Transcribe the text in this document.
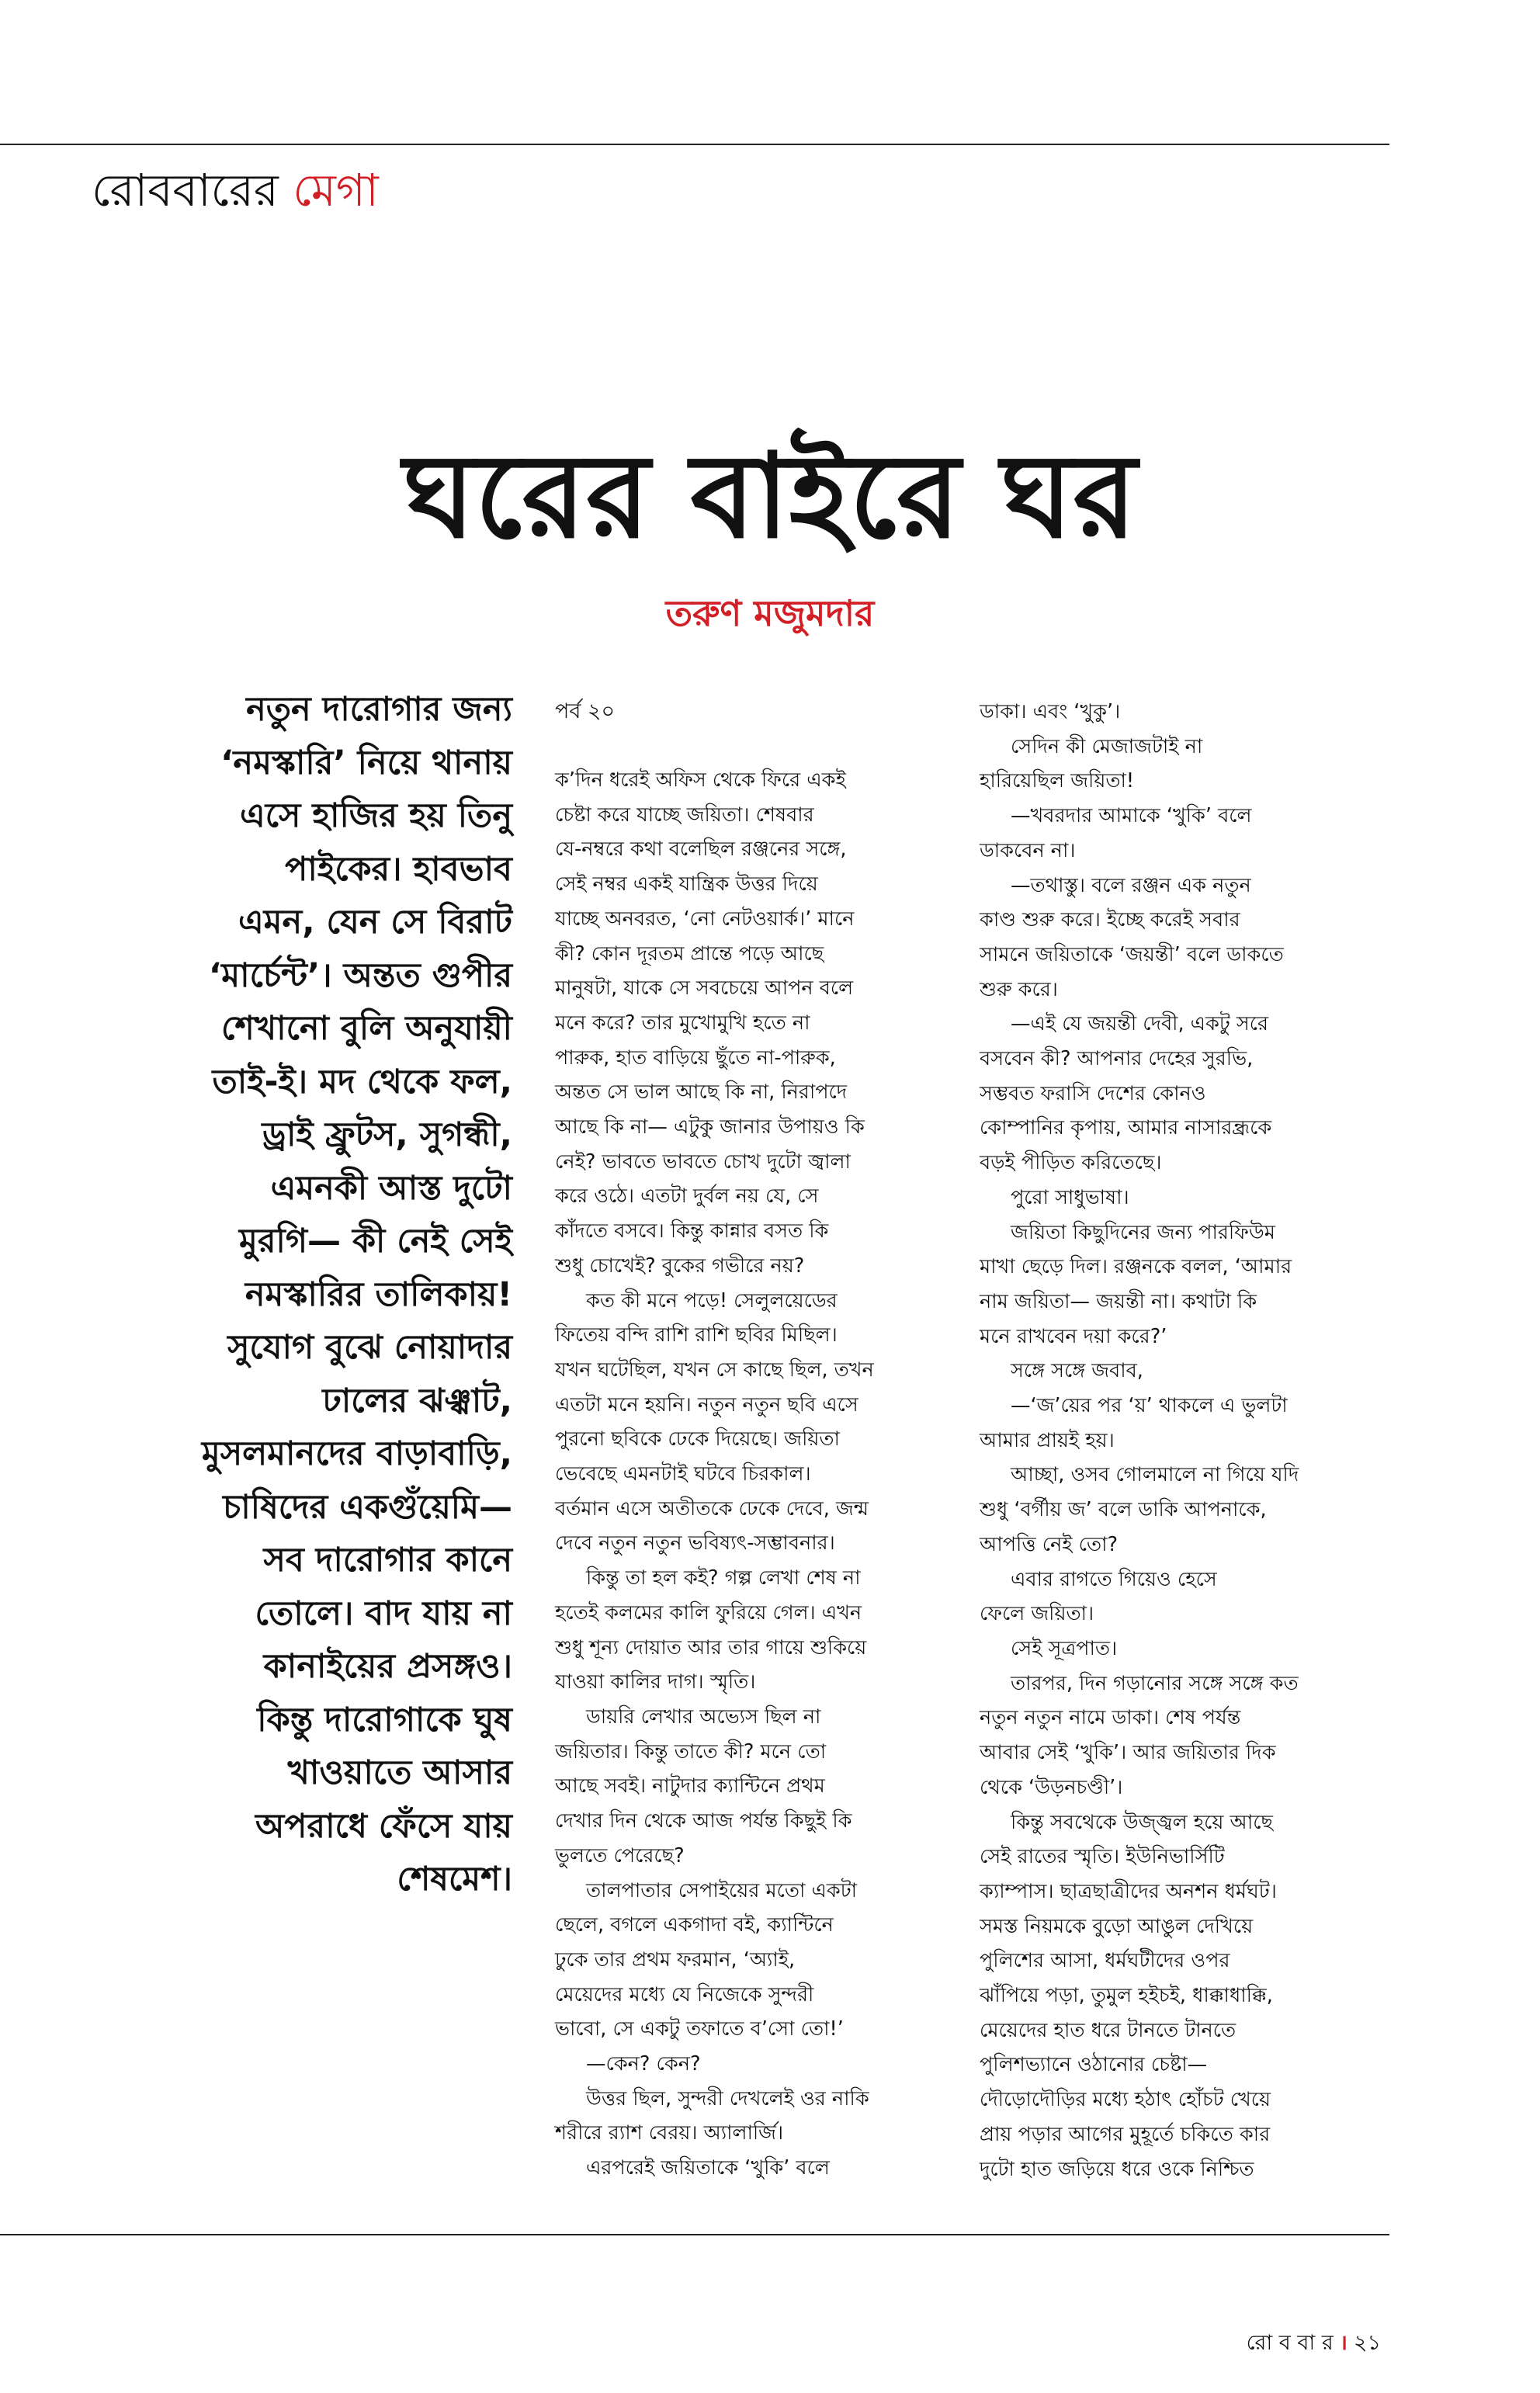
রোববারের মেগা
ঘরের বাইরে ঘর
তরুণ মজুমদার
নতুন দারোগার জন্য
‘নমস্কারি’ নিয়ে থানায়
এসে হাজির হয় তিনু
পাইকের। হাবভাব
এমন, যেন সে বিরাট
‘মার্চেন্ট’। অন্তত গুপীর
শেখানো বুলি অনুযায়ী
তাই-ই। মদ থেকে ফল,
ড্রাই ফ্রুটস, সুগন্ধী,
এমনকী আস্ত দুটো
মুরগি— কী নেই সেই
নমস্কারির তালিকায়!
সুযোগ বুঝে নোয়াদার
ঢালের ঝঞ্ঝাট,
মুসলমানদের বাড়াবাড়ি,
চাষিদের একগুঁয়েমি—
সব দারোগার কানে
তোলে। বাদ যায় না
কানাইয়ের প্রসঙ্গও।
কিন্তু দারোগাকে ঘুষ
খাওয়াতে আসার
অপরাধে ফেঁসে যায়
শেষমেশ।
পর্ব ২০

ক’দিন ধরেই অফিস থেকে ফিরে একই

চেষ্টা করে যাচ্ছে জয়িতা। শেষবার

যে-নম্বরে কথা বলেছিল রঞ্জনের সঙ্গে,

সেই নম্বর একই যান্ত্রিক উত্তর দিয়ে

যাচ্ছে অনবরত, ‘নো নেটওয়ার্ক।’ মানে

কী? কোন দূরতম প্রান্তে পড়ে আছে

মানুষটা, যাকে সে সবচেয়ে আপন বলে

মনে করে? তার মুখোমুখি হতে না

পারুক, হাত বাড়িয়ে ছুঁতে না-পারুক,

অন্তত সে ভাল আছে কি না, নিরাপদে

আছে কি না— এটুকু জানার উপায়ও কি

নেই? ভাবতে ভাবতে চোখ দুটো জ্বালা

করে ওঠে। এতটা দুর্বল নয় যে, সে

কাঁদতে বসবে। কিন্তু কান্নার বসত কি

শুধু চোখেই? বুকের গভীরে নয়?

কত কী মনে পড়ে! সেলুলয়েডের

ফিতেয় বন্দি রাশি রাশি ছবির মিছিল।

যখন ঘটেছিল, যখন সে কাছে ছিল, তখন

এতটা মনে হয়নি। নতুন নতুন ছবি এসে

পুরনো ছবিকে ঢেকে দিয়েছে। জয়িতা

ভেবেছে এমনটাই ঘটবে চিরকাল।

বর্তমান এসে অতীতকে ঢেকে দেবে, জন্ম

দেবে নতুন নতুন ভবিষ্যৎ-সম্ভাবনার।

কিন্তু তা হল কই? গল্প লেখা শেষ না

হতেই কলমের কালি ফুরিয়ে গেল। এখন

শুধু শূন্য দোয়াত আর তার গায়ে শুকিয়ে

যাওয়া কালির দাগ। স্মৃতি।

ডায়রি লেখার অভ্যেস ছিল না

জয়িতার। কিন্তু তাতে কী? মনে তো

আছে সবই। নাটুদার ক্যান্টিনে প্রথম

দেখার দিন থেকে আজ পর্যন্ত কিছুই কি

ভুলতে পেরেছে?

তালপাতার সেপাইয়ের মতো একটা

ছেলে, বগলে একগাদা বই, ক্যান্টিনে

ঢুকে তার প্রথম ফরমান, ‘অ্যাই,

মেয়েদের মধ্যে যে নিজেকে সুন্দরী

ভাবো, সে একটু তফাতে ব’সো তো!’

—কেন? কেন?

উত্তর ছিল, সুন্দরী দেখলেই ওর নাকি

শরীরে র‍্যাশ বেরয়। অ্যালার্জি।

এরপরেই জয়িতাকে ‘খুকি’ বলে

ডাকা। এবং ‘খুকু’।

সেদিন কী মেজাজটাই না

হারিয়েছিল জয়িতা!

—খবরদার আমাকে ‘খুকি’ বলে

ডাকবেন না।

—তথাস্তু। বলে রঞ্জন এক নতুন

কাণ্ড শুরু করে। ইচ্ছে করেই সবার

সামনে জয়িতাকে ‘জয়ন্তী’ বলে ডাকতে

শুরু করে।

—এই যে জয়ন্তী দেবী, একটু সরে

বসবেন কী? আপনার দেহের সুরভি,

সম্ভবত ফরাসি দেশের কোনও

কোম্পানির কৃপায়, আমার নাসারন্ধ্রকে

বড়ই পীড়িত করিতেছে।

পুরো সাধুভাষা।

জয়িতা কিছুদিনের জন্য পারফিউম

মাখা ছেড়ে দিল। রঞ্জনকে বলল, ‘আমার

নাম জয়িতা— জয়ন্তী না। কথাটা কি

মনে রাখবেন দয়া করে?’

সঙ্গে সঙ্গে জবাব,

—‘জ’য়ের পর ‘য়’ থাকলে এ ভুলটা

আমার প্রায়ই হয়।

আচ্ছা, ওসব গোলমালে না গিয়ে যদি

শুধু ‘বর্গীয় জ’ বলে ডাকি আপনাকে,

আপত্তি নেই তো?

এবার রাগতে গিয়েও হেসে

ফেলে জয়িতা।

সেই সূত্রপাত।

তারপর, দিন গড়ানোর সঙ্গে সঙ্গে কত

নতুন নতুন নামে ডাকা। শেষ পর্যন্ত

আবার সেই ‘খুকি’। আর জয়িতার দিক

থেকে ‘উড়নচণ্ডী’।

কিন্তু সবথেকে উজ্জ্বল হয়ে আছে

সেই রাতের স্মৃতি। ইউনিভার্সিটি

ক্যাম্পাস। ছাত্রছাত্রীদের অনশন ধর্মঘট।

সমস্ত নিয়মকে বুড়ো আঙুল দেখিয়ে

পুলিশের আসা, ধর্মঘটীদের ওপর

ঝাঁপিয়ে পড়া, তুমুল হইচই, ধাক্কাধাক্কি,

মেয়েদের হাত ধরে টানতে টানতে

পুলিশভ্যানে ওঠানোর চেষ্টা—

দৌড়োদৌড়ির মধ্যে হঠাৎ হোঁচট খেয়ে

প্রায় পড়ার আগের মুহূর্তে চকিতে কার

দুটো হাত জড়িয়ে ধরে ওকে নিশ্চিত

রো ব বা র । ২১
